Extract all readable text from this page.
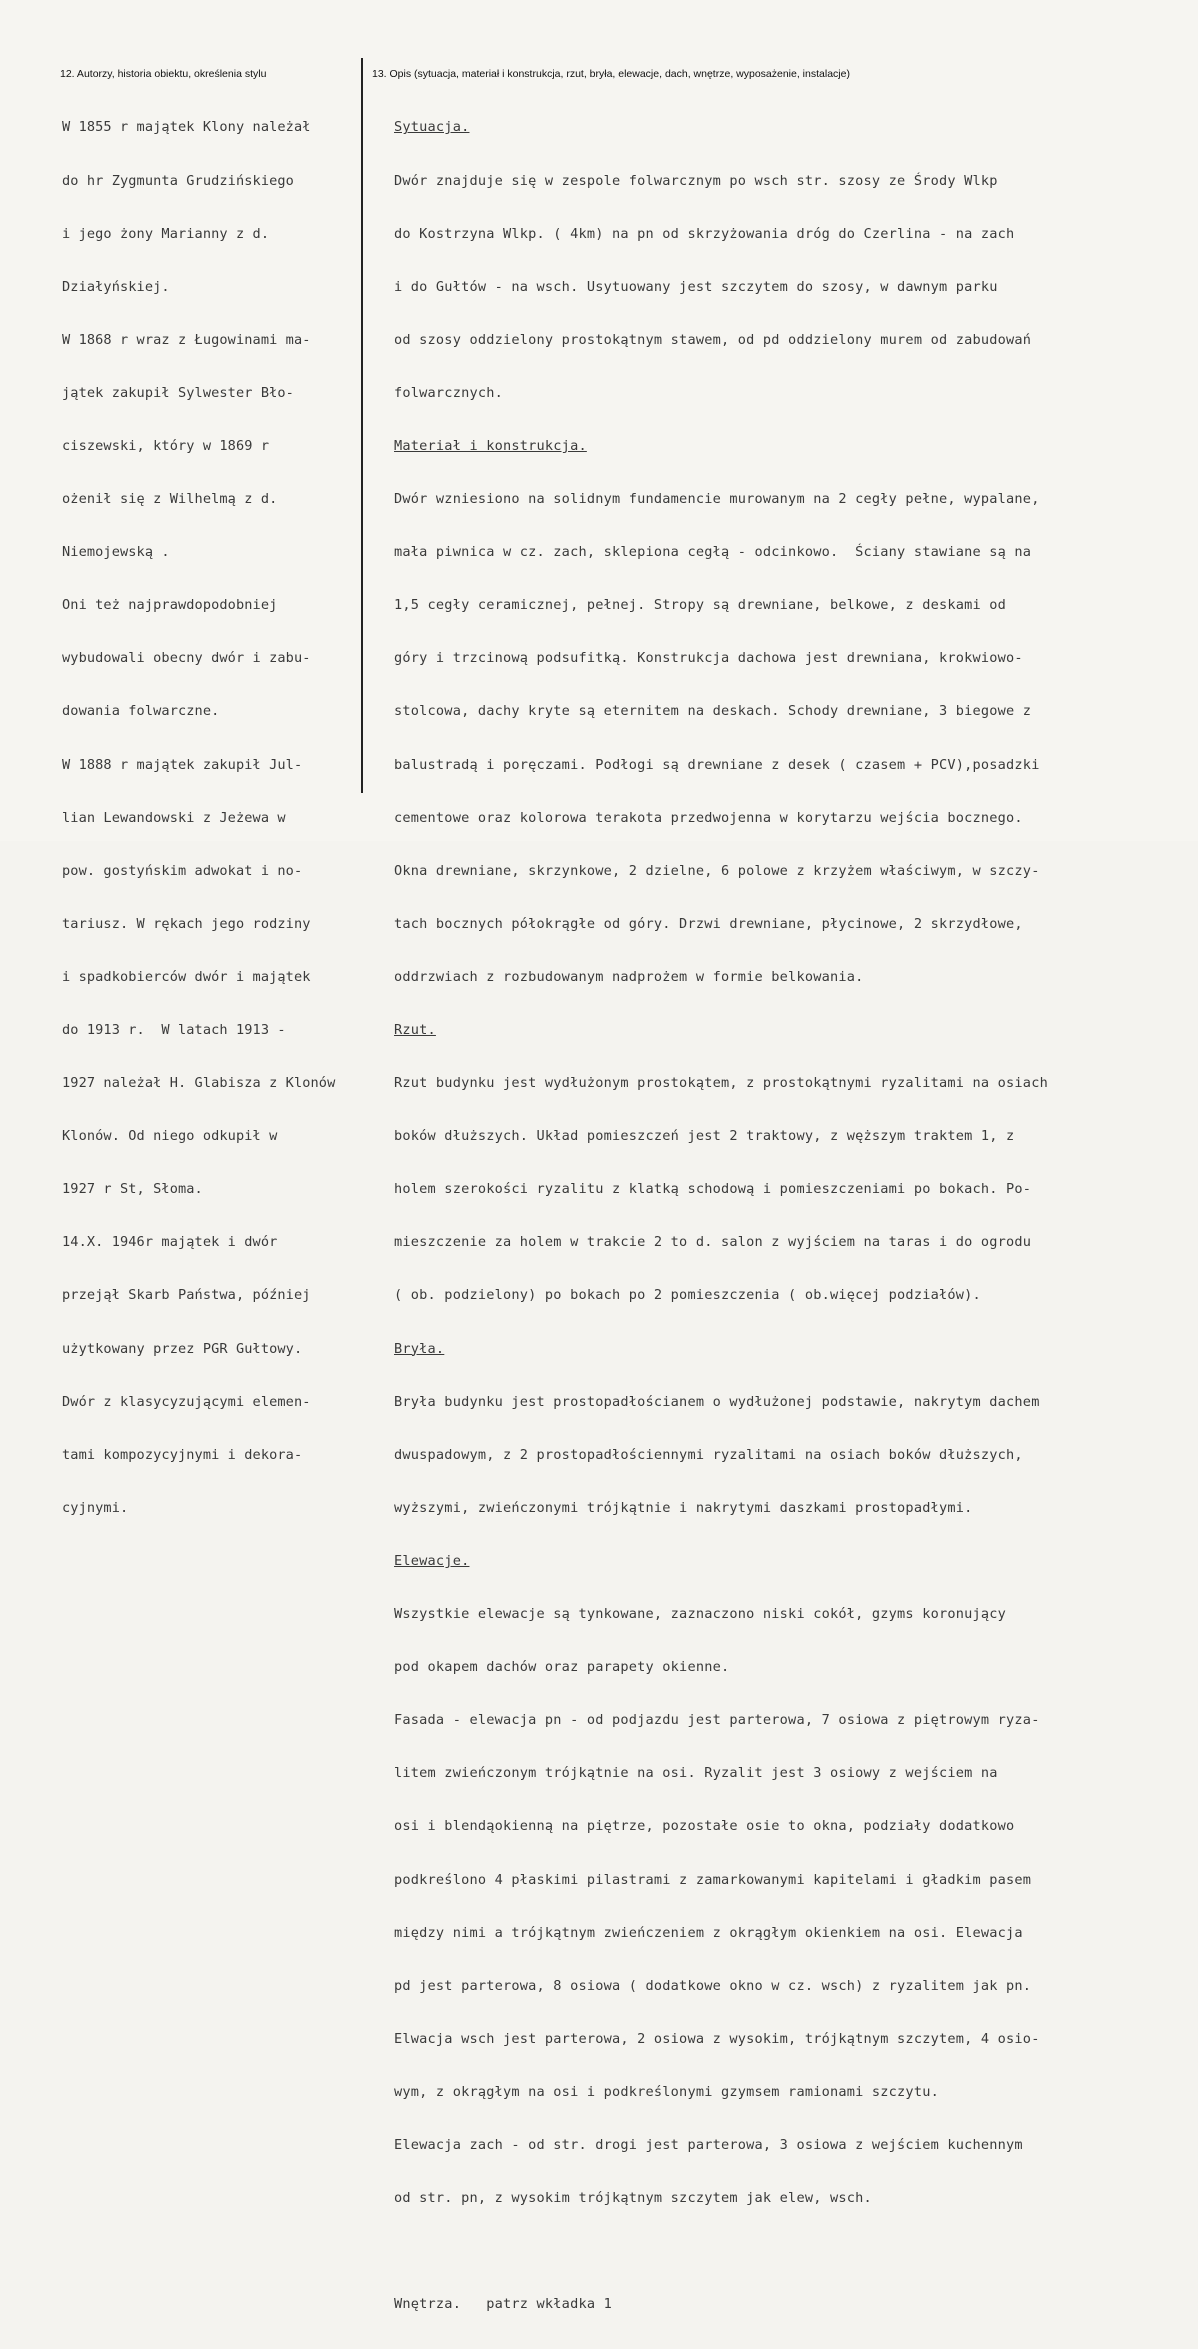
12. Autorzy, historia obiektu, określenia stylu	13. Opis (sytuacja, materiał i konstrukcja, rzut, bryła, elewacje, dach, wnętrze, wyposażenie, instalacje)

W 1855 r majątek Klony należał

do hr Zygmunta Grudzińskiego

i jego żony Marianny z d.

Działyńskiej.

W 1868 r wraz z Ługowinami ma-

jątek zakupił Sylwester Bło-

ciszewski, który w 1869 r

ożenił się z Wilhelmą z d.

Niemojewską .

Oni też najprawdopodobniej

wybudowali obecny dwór i zabu-

dowania folwarczne.

W 1888 r majątek zakupił Jul-

lian Lewandowski z Jeżewa w

pow. gostyńskim adwokat i no-

tariusz. W rękach jego rodziny

i spadkobierców dwór i majątek

do 1913 r.  W latach 1913 -

1927 należał H. Glabisza z Klonów

Klonów. Od niego odkupił w

1927 r St, Słoma.

14.X. 1946r majątek i dwór

przejął Skarb Państwa, później

użytkowany przez PGR Gułtowy.

Dwór z klasycyzującymi elemen-

tami kompozycyjnymi i dekora-

cyjnymi.

Sytuacja.

Dwór znajduje się w zespole folwarcznym po wsch str. szosy ze Środy Wlkp

do Kostrzyna Wlkp. ( 4km) na pn od skrzyżowania dróg do Czerlina - na zach

i do Gułtów - na wsch. Usytuowany jest szczytem do szosy, w dawnym parku

od szosy oddzielony prostokątnym stawem, od pd oddzielony murem od zabudowań

folwarcznych.

Materiał i konstrukcja.

Dwór wzniesiono na solidnym fundamencie murowanym na 2 cegły pełne, wypalane,

mała piwnica w cz. zach, sklepiona cegłą - odcinkowo.  Ściany stawiane są na

1,5 cegły ceramicznej, pełnej. Stropy są drewniane, belkowe, z deskami od

góry i trzcinową podsufitką. Konstrukcja dachowa jest drewniana, krokwiowo-

stolcowa, dachy kryte są eternitem na deskach. Schody drewniane, 3 biegowe z

balustradą i poręczami. Podłogi są drewniane z desek ( czasem + PCV),posadzki

cementowe oraz kolorowa terakota przedwojenna w korytarzu wejścia bocznego.

Okna drewniane, skrzynkowe, 2 dzielne, 6 polowe z krzyżem właściwym, w szczy-

tach bocznych półokrągłe od góry. Drzwi drewniane, płycinowe, 2 skrzydłowe,

oddrzwiach z rozbudowanym nadprożem w formie belkowania.

Rzut.

Rzut budynku jest wydłużonym prostokątem, z prostokątnymi ryzalitami na osiach

boków dłuższych. Układ pomieszczeń jest 2 traktowy, z węższym traktem 1, z

holem szerokości ryzalitu z klatką schodową i pomieszczeniami po bokach. Po-

mieszczenie za holem w trakcie 2 to d. salon z wyjściem na taras i do ogrodu

( ob. podzielony) po bokach po 2 pomieszczenia ( ob.więcej podziałów).

Bryła.

Bryła budynku jest prostopadłościanem o wydłużonej podstawie, nakrytym dachem

dwuspadowym, z 2 prostopadłościennymi ryzalitami na osiach boków dłuższych,

wyższymi, zwieńczonymi trójkątnie i nakrytymi daszkami prostopadłymi.

Elewacje.

Wszystkie elewacje są tynkowane, zaznaczono niski cokół, gzyms koronujący

pod okapem dachów oraz parapety okienne.

Fasada - elewacja pn - od podjazdu jest parterowa, 7 osiowa z piętrowym ryza-

litem zwieńczonym trójkątnie na osi. Ryzalit jest 3 osiowy z wejściem na

osi i blendąokienną na piętrze, pozostałe osie to okna, podziały dodatkowo

podkreślono 4 płaskimi pilastrami z zamarkowanymi kapitelami i gładkim pasem

między nimi a trójkątnym zwieńczeniem z okrągłym okienkiem na osi. Elewacja

pd jest parterowa, 8 osiowa ( dodatkowe okno w cz. wsch) z ryzalitem jak pn.

Elwacja wsch jest parterowa, 2 osiowa z wysokim, trójkątnym szczytem, 4 osio-

wym, z okrągłym na osi i podkreślonymi gzymsem ramionami szczytu.

Elewacja zach - od str. drogi jest parterowa, 3 osiowa z wejściem kuchennym

od str. pn, z wysokim trójkątnym szczytem jak elew, wsch.

Wnętrza.   patrz wkładka 1
